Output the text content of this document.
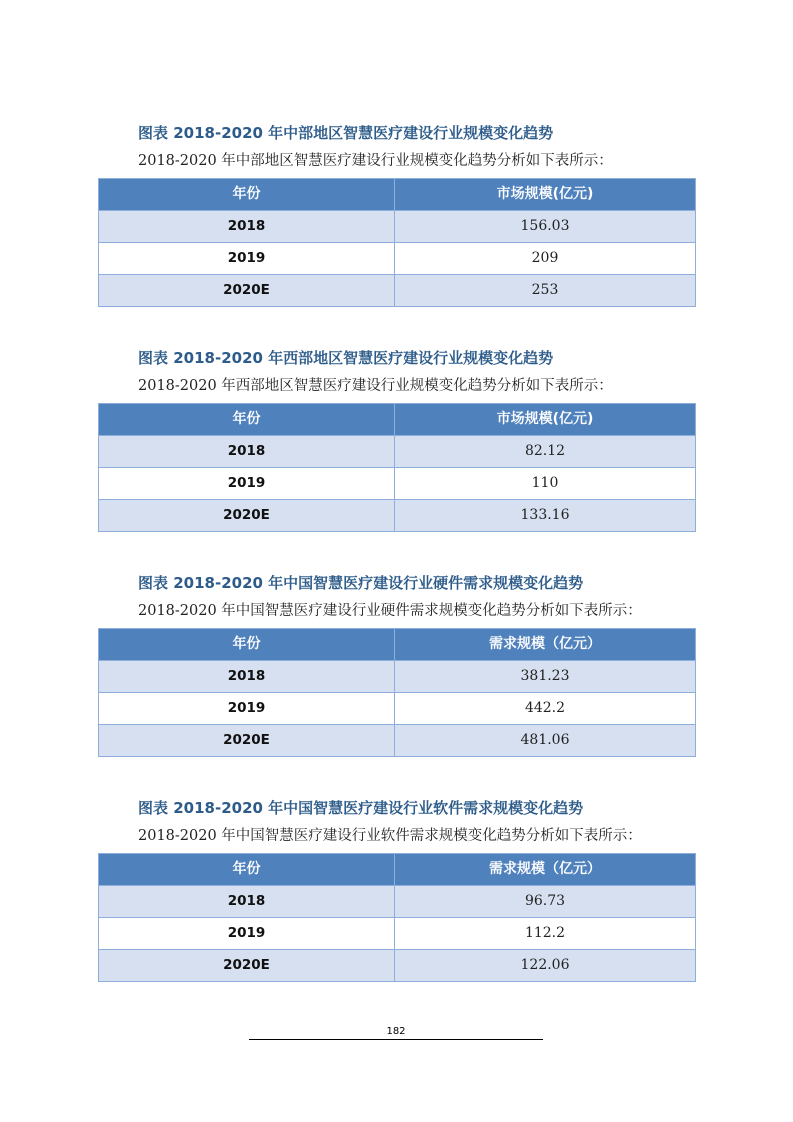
图表 2018-2020 年中部地区智慧医疗建设行业规模变化趋势
2018-2020 年中部地区智慧医疗建设行业规模变化趋势分析如下表所示：
年份	市场规模(亿元)
2018	156.03
2019	209
2020E	253
图表 2018-2020 年西部地区智慧医疗建设行业规模变化趋势
2018-2020 年西部地区智慧医疗建设行业规模变化趋势分析如下表所示：
年份	市场规模(亿元)
2018	82.12
2019	110
2020E	133.16
图表 2018-2020 年中国智慧医疗建设行业硬件需求规模变化趋势
2018-2020 年中国智慧医疗建设行业硬件需求规模变化趋势分析如下表所示：
年份	需求规模（亿元）
2018	381.23
2019	442.2
2020E	481.06
图表 2018-2020 年中国智慧医疗建设行业软件需求规模变化趋势
2018-2020 年中国智慧医疗建设行业软件需求规模变化趋势分析如下表所示：
年份	需求规模（亿元）
2018	96.73
2019	112.2
2020E	122.06
182
